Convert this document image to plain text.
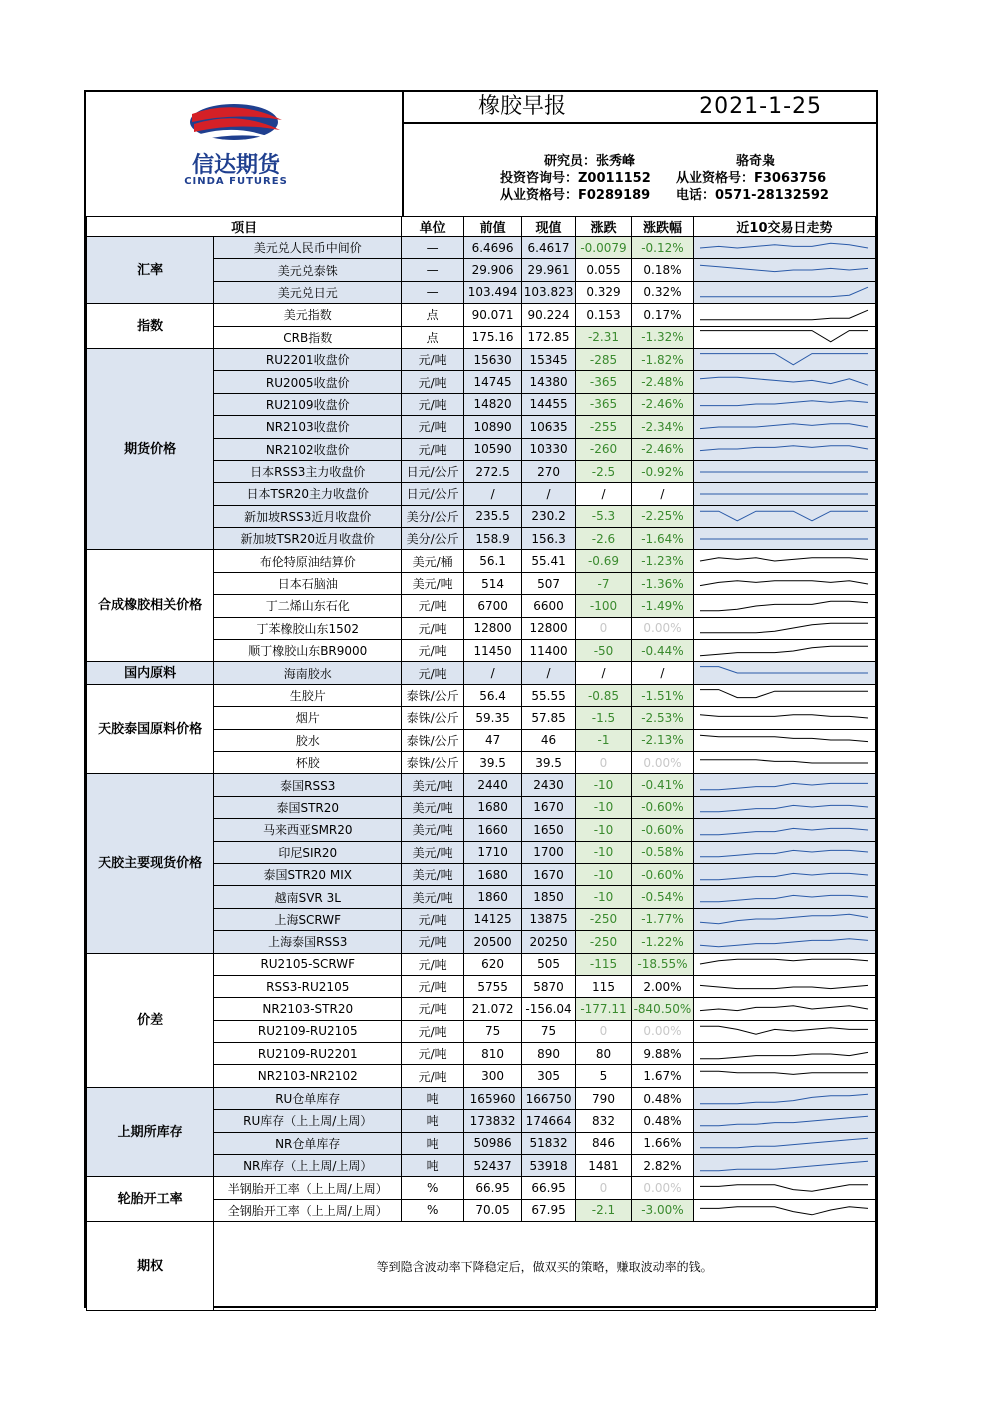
信达期货
CINDA FUTURES
橡胶早报	2021-1-25
研究员：张秀峰	骆奇枭
投资咨询号：Z0011152 从业资格号：F3063756
从业资格号：F0289189 电话：0571-28132592
项目		单位	前值	现值	涨跌	涨跌幅	近10交易日走势
汇率	美元兑人民币中间价	—	6.4696	6.4617	-0.0079	-0.12%	

	美元兑泰铢	—	29.906	29.961	0.055	0.18%	

	美元兑日元	—	103.494	103.823	0.329	0.32%	

指数	美元指数	点	90.071	90.224	0.153	0.17%	

	CRB指数	点	175.16	172.85	-2.31	-1.32%	

期货价格	RU2201收盘价	元/吨	15630	15345	-285	-1.82%	

	RU2005收盘价	元/吨	14745	14380	-365	-2.48%	

	RU2109收盘价	元/吨	14820	14455	-365	-2.46%	

	NR2103收盘价	元/吨	10890	10635	-255	-2.34%	

	NR2102收盘价	元/吨	10590	10330	-260	-2.46%	

	日本RSS3主力收盘价	日元/公斤	272.5	270	-2.5	-0.92%	

	日本TSR20主力收盘价	日元/公斤	/	/	/	/	

	新加坡RSS3近月收盘价	美分/公斤	235.5	230.2	-5.3	-2.25%	

	新加坡TSR20近月收盘价	美分/公斤	158.9	156.3	-2.6	-1.64%	

合成橡胶相关价格	布伦特原油结算价	美元/桶	56.1	55.41	-0.69	-1.23%	

	日本石脑油	美元/吨	514	507	-7	-1.36%	

	丁二烯山东石化	元/吨	6700	6600	-100	-1.49%	

	丁苯橡胶山东1502	元/吨	12800	12800	0	0.00%	

	顺丁橡胶山东BR9000	元/吨	11450	11400	-50	-0.44%	

国内原料	海南胶水	元/吨	/	/	/	/	

天胶泰国原料价格	生胶片	泰铢/公斤	56.4	55.55	-0.85	-1.51%	

	烟片	泰铢/公斤	59.35	57.85	-1.5	-2.53%	

	胶水	泰铢/公斤	47	46	-1	-2.13%	

	杯胶	泰铢/公斤	39.5	39.5	0	0.00%	

天胶主要现货价格	泰国RSS3	美元/吨	2440	2430	-10	-0.41%	

	泰国STR20	美元/吨	1680	1670	-10	-0.60%	

	马来西亚SMR20	美元/吨	1660	1650	-10	-0.60%	

	印尼SIR20	美元/吨	1710	1700	-10	-0.58%	

	泰国STR20 MIX	美元/吨	1680	1670	-10	-0.60%	

	越南SVR 3L	美元/吨	1860	1850	-10	-0.54%	

	上海SCRWF	元/吨	14125	13875	-250	-1.77%	

	上海泰国RSS3	元/吨	20500	20250	-250	-1.22%	

价差	RU2105-SCRWF	元/吨	620	505	-115	-18.55%	

	RSS3-RU2105	元/吨	5755	5870	115	2.00%	

	NR2103-STR20	元/吨	21.072	-156.04	-177.11	-840.50%	

	RU2109-RU2105	元/吨	75	75	0	0.00%	

	RU2109-RU2201	元/吨	810	890	80	9.88%	

	NR2103-NR2102	元/吨	300	305	5	1.67%	

上期所库存	RU仓单库存	吨	165960	166750	790	0.48%	

	RU库存（上上周/上周）	吨	173832	174664	832	0.48%	

	NR仓单库存	吨	50986	51832	846	1.66%	

	NR库存（上上周/上周）	吨	52437	53918	1481	2.82%	

轮胎开工率	半钢胎开工率（上上周/上周）	%	66.95	66.95	0	0.00%	

	全钢胎开工率（上上周/上周）	%	70.05	67.95	-2.1	-3.00%	

期权	等到隐含波动率下降稳定后，做双买的策略，赚取波动率的钱。						
